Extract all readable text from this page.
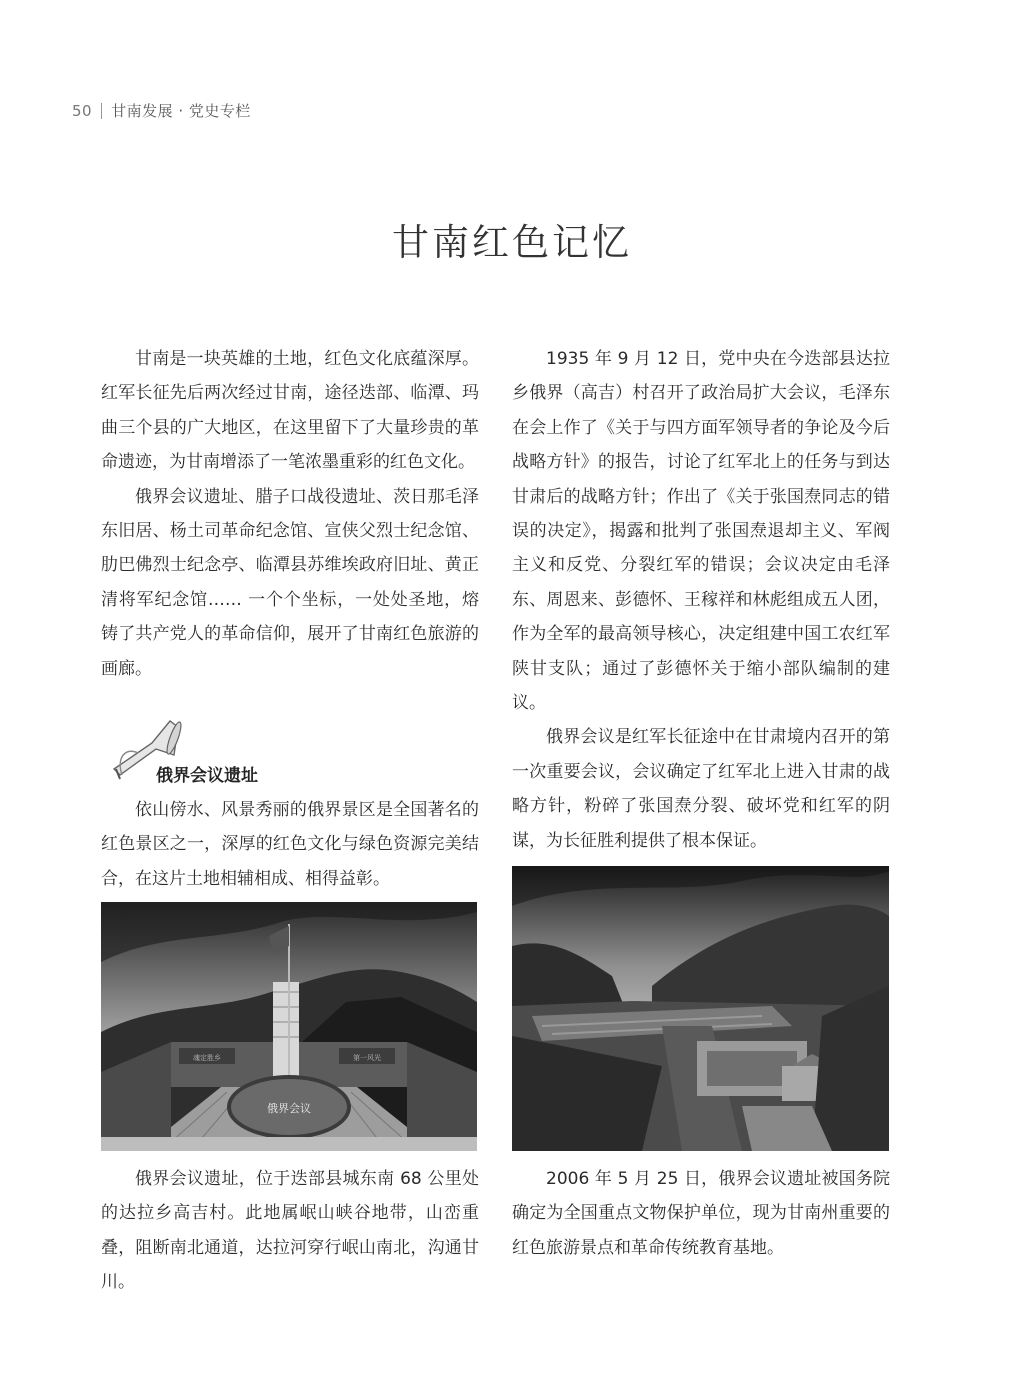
50 甘南发展 · 党史专栏
甘南红色记忆

甘南是一块英雄的土地，红色文化底蕴深厚。红军长征先后两次经过甘南，途径迭部、临潭、玛曲三个县的广大地区，在这里留下了大量珍贵的革命遗迹，为甘南增添了一笔浓墨重彩的红色文化。

俄界会议遗址、腊子口战役遗址、茨日那毛泽东旧居、杨土司革命纪念馆、宣侠父烈士纪念馆、肋巴佛烈士纪念亭、临潭县苏维埃政府旧址、黄正清将军纪念馆…… 一个个坐标，一处处圣地，熔铸了共产党人的革命信仰，展开了甘南红色旅游的画廊。

俄界会议遗址

依山傍水、风景秀丽的俄界景区是全国著名的红色景区之一，深厚的红色文化与绿色资源完美结合，在这片土地相辅相成、相得益彰。

魂定胜乡	第一风光
俄界会议

俄界会议遗址，位于迭部县城东南 68 公里处的达拉乡高吉村。此地属岷山峡谷地带，山峦重叠，阻断南北通道，达拉河穿行岷山南北，沟通甘川。

1935 年 9 月 12 日，党中央在今迭部县达拉乡俄界（高吉）村召开了政治局扩大会议，毛泽东在会上作了《关于与四方面军领导者的争论及今后战略方针》的报告，讨论了红军北上的任务与到达甘肃后的战略方针；作出了《关于张国焘同志的错误的决定》，揭露和批判了张国焘退却主义、军阀主义和反党、分裂红军的错误；会议决定由毛泽东、周恩来、彭德怀、王稼祥和林彪组成五人团，作为全军的最高领导核心，决定组建中国工农红军陕甘支队；通过了彭德怀关于缩小部队编制的建议。

俄界会议是红军长征途中在甘肃境内召开的第一次重要会议，会议确定了红军北上进入甘肃的战略方针，粉碎了张国焘分裂、破坏党和红军的阴谋，为长征胜利提供了根本保证。

2006 年 5 月 25 日，俄界会议遗址被国务院确定为全国重点文物保护单位，现为甘南州重要的红色旅游景点和革命传统教育基地。
